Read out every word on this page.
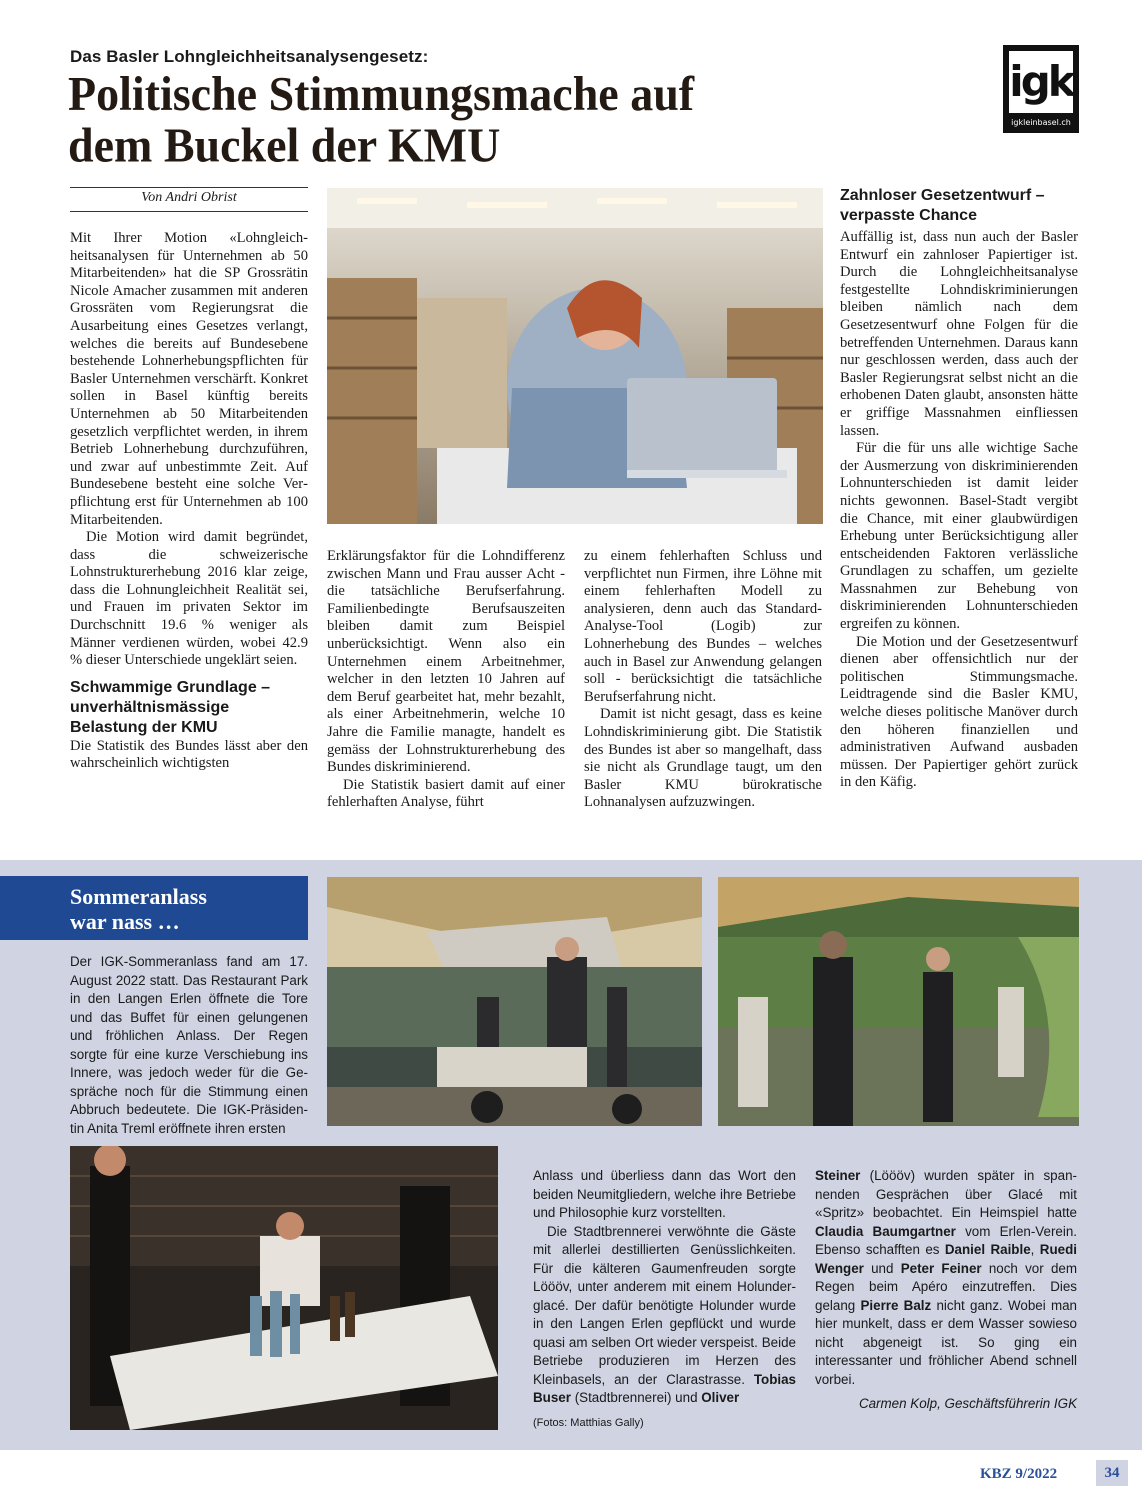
Das Basler Lohngleichheitsanalysengesetz:
Politische Stimmungsmache auf
dem Buckel der KMU
igk
igkleinbasel.ch
Von Andri Obrist

Mit Ihrer Motion «Lohngleichheitsanalysen für Unternehmen ab 50 Mitarbeitenden» hat die SP Grossrätin Nicole Amacher zusammen mit anderen Grossräten vom Regierungsrat die Ausarbeitung eines Gesetzes verlangt, welches die bereits auf Bundesebene bestehende Lohnerhebungspflichten für Basler Unternehmen verschärft. Konkret sollen in Basel künftig bereits Unternehmen ab 50 Mitarbeitenden gesetzlich verpflichtet werden, in ihrem Betrieb Lohnerhebung durchzuführen, und zwar auf unbestimmte Zeit. Auf Bundesebene besteht eine solche Verpflichtung erst für Unternehmen ab 100 Mitarbeitenden.

Die Motion wird damit begründet, dass die schweizerische Lohnstrukturerhebung 2016 klar zeige, dass die Lohnungleichheit Realität sei, und Frauen im privaten Sektor im Durchschnitt 19.6 % weniger als Männer verdienen würden, wobei 42.9 % dieser Unterschiede ungeklärt seien.

Schwammige Grundlage – unverhältnismässige Belastung der KMU

Die Statistik des Bundes lässt aber den wahrscheinlich wichtigsten

Erklärungsfaktor für die Lohndifferenz zwischen Mann und Frau ausser Acht - die tatsächliche Berufserfahrung. Familienbedingte Berufsauszeiten bleiben damit zum Beispiel unberücksichtigt. Wenn also ein Unternehmen einem Arbeitnehmer, welcher in den letzten 10 Jahren auf dem Beruf gearbeitet hat, mehr bezahlt, als einer Arbeitnehmerin, welche 10 Jahre die Familie managte, handelt es gemäss der Lohnstrukturerhebung des Bundes diskriminierend.

Die Statistik basiert damit auf einer fehlerhaften Analyse, führt

zu einem fehlerhaften Schluss und verpflichtet nun Firmen, ihre Löhne mit einem fehlerhaften Modell zu analysieren, denn auch das Standard-Analyse-Tool (Logib) zur Lohnerhebung des Bundes – welches auch in Basel zur Anwendung gelangen soll - berücksichtigt die tatsächliche Berufserfahrung nicht.

Damit ist nicht gesagt, dass es keine Lohndiskriminierung gibt. Die Statistik des Bundes ist aber so mangelhaft, dass sie nicht als Grundlage taugt, um den Basler KMU bürokratische Lohnanalysen aufzuzwingen.

Zahnloser Gesetzentwurf – verpasste Chance

Auffällig ist, dass nun auch der Basler Entwurf ein zahnloser Papiertiger ist. Durch die Lohngleichheitsanalyse festgestellte Lohndiskriminierungen bleiben nämlich nach dem Gesetzesentwurf ohne Folgen für die betreffenden Unternehmen. Daraus kann nur geschlossen werden, dass auch der Basler Regierungsrat selbst nicht an die erhobenen Daten glaubt, ansonsten hätte er griffige Massnahmen einfliessen lassen.

Für die für uns alle wichtige Sache der Ausmerzung von diskriminierenden Lohnunterschieden ist damit leider nichts gewonnen. Basel-Stadt vergibt die Chance, mit einer glaubwürdigen Erhebung unter Berücksichtigung aller entscheidenden Faktoren verlässliche Grundlagen zu schaffen, um gezielte Massnahmen zur Behebung von diskriminierenden Lohnunterschieden ergreifen zu können.

Die Motion und der Gesetzesentwurf dienen aber offensichtlich nur der politischen Stimmungsmache. Leidtragende sind die Basler KMU, welche dieses politische Manöver durch den höheren finanziellen und administrativen Aufwand ausbaden müssen. Der Papiertiger gehört zurück in den Käfig.

Sommeranlass
war nass …

Der IGK-Sommeranlass fand am 17. August 2022 statt. Das Restaurant Park in den Langen Erlen öffnete die Tore und das Buffet für einen gelungenen und fröhlichen Anlass. Der Regen sorgte für eine kurze Verschiebung ins Innere, was jedoch weder für die Gespräche noch für die Stimmung einen Abbruch bedeutete. Die IGK-Präsidentin Anita Treml eröffnete ihren ersten

Anlass und überliess dann das Wort den beiden Neumitgliedern, welche ihre Betriebe und Philosophie kurz vorstellten.

Die Stadtbrennerei verwöhnte die Gäste mit allerlei destillierten Genüsslichkeiten. Für die kälteren Gaumenfreuden sorgte Löööv, unter anderem mit einem Holunderglacé. Der dafür benötigte Holunder wurde in den Langen Erlen gepflückt und wurde quasi am selben Ort wieder verspeist. Beide Betriebe produzieren im Herzen des Kleinbasels, an der Clarastrasse. Tobias Buser (Stadtbrennerei) und Oliver

Steiner (Löööv) wurden später in spannenden Gesprächen über Glacé mit «Spritz» beobachtet. Ein Heimspiel hatte Claudia Baumgartner vom Erlen-Verein. Ebenso schafften es Daniel Raible, Ruedi Wenger und Peter Feiner noch vor dem Regen beim Apéro einzutreffen. Dies gelang Pierre Balz nicht ganz. Wobei man hier munkelt, dass er dem Wasser sowieso nicht abgeneigt ist. So ging ein interessanter und fröhlicher Abend schnell vorbei.

Carmen Kolp, Geschäftsführerin IGK
(Fotos: Matthias Gally)
KBZ 9/2022	34
